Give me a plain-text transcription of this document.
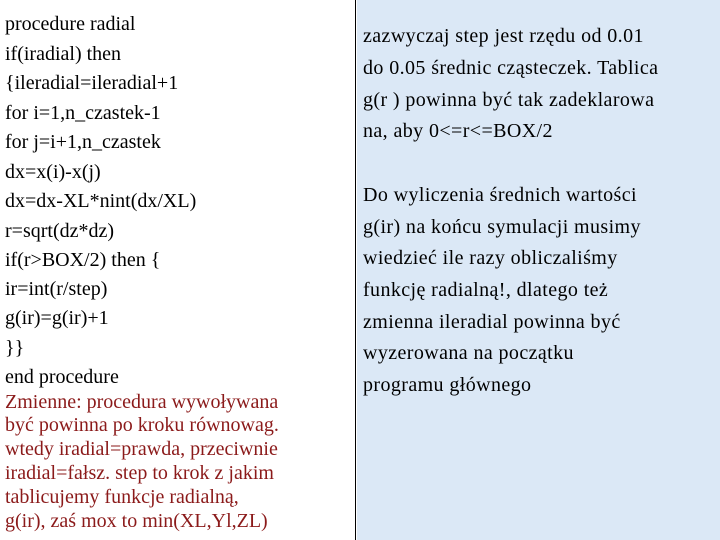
procedure radial
if(iradial) then
{ileradial=ileradial+1
for i=1,n_czastek-1
for j=i+1,n_czastek
dx=x(i)-x(j)
dx=dx-XL*nint(dx/XL)
r=sqrt(dz*dz)
if(r>BOX/2) then {
ir=int(r/step)
g(ir)=g(ir)+1
}}
end procedure
Zmienne: procedura wywoływana
być powinna po kroku równowag.
wtedy iradial=prawda, przeciwnie
iradial=fałsz. step to krok z jakim
tablicujemy funkcje radialną,
g(ir), zaś mox to min(XL,Yl,ZL)
zazwyczaj step jest rzędu od 0.01
do 0.05 średnic cząsteczek. Tablica
g(r ) powinna być tak zadeklarowa
na, aby 0<=r<=BOX/2
Do wyliczenia średnich wartości
g(ir) na końcu symulacji musimy
wiedzieć ile razy obliczaliśmy
funkcję radialną!, dlatego też
zmienna ileradial powinna być
wyzerowana na początku
programu głównego
